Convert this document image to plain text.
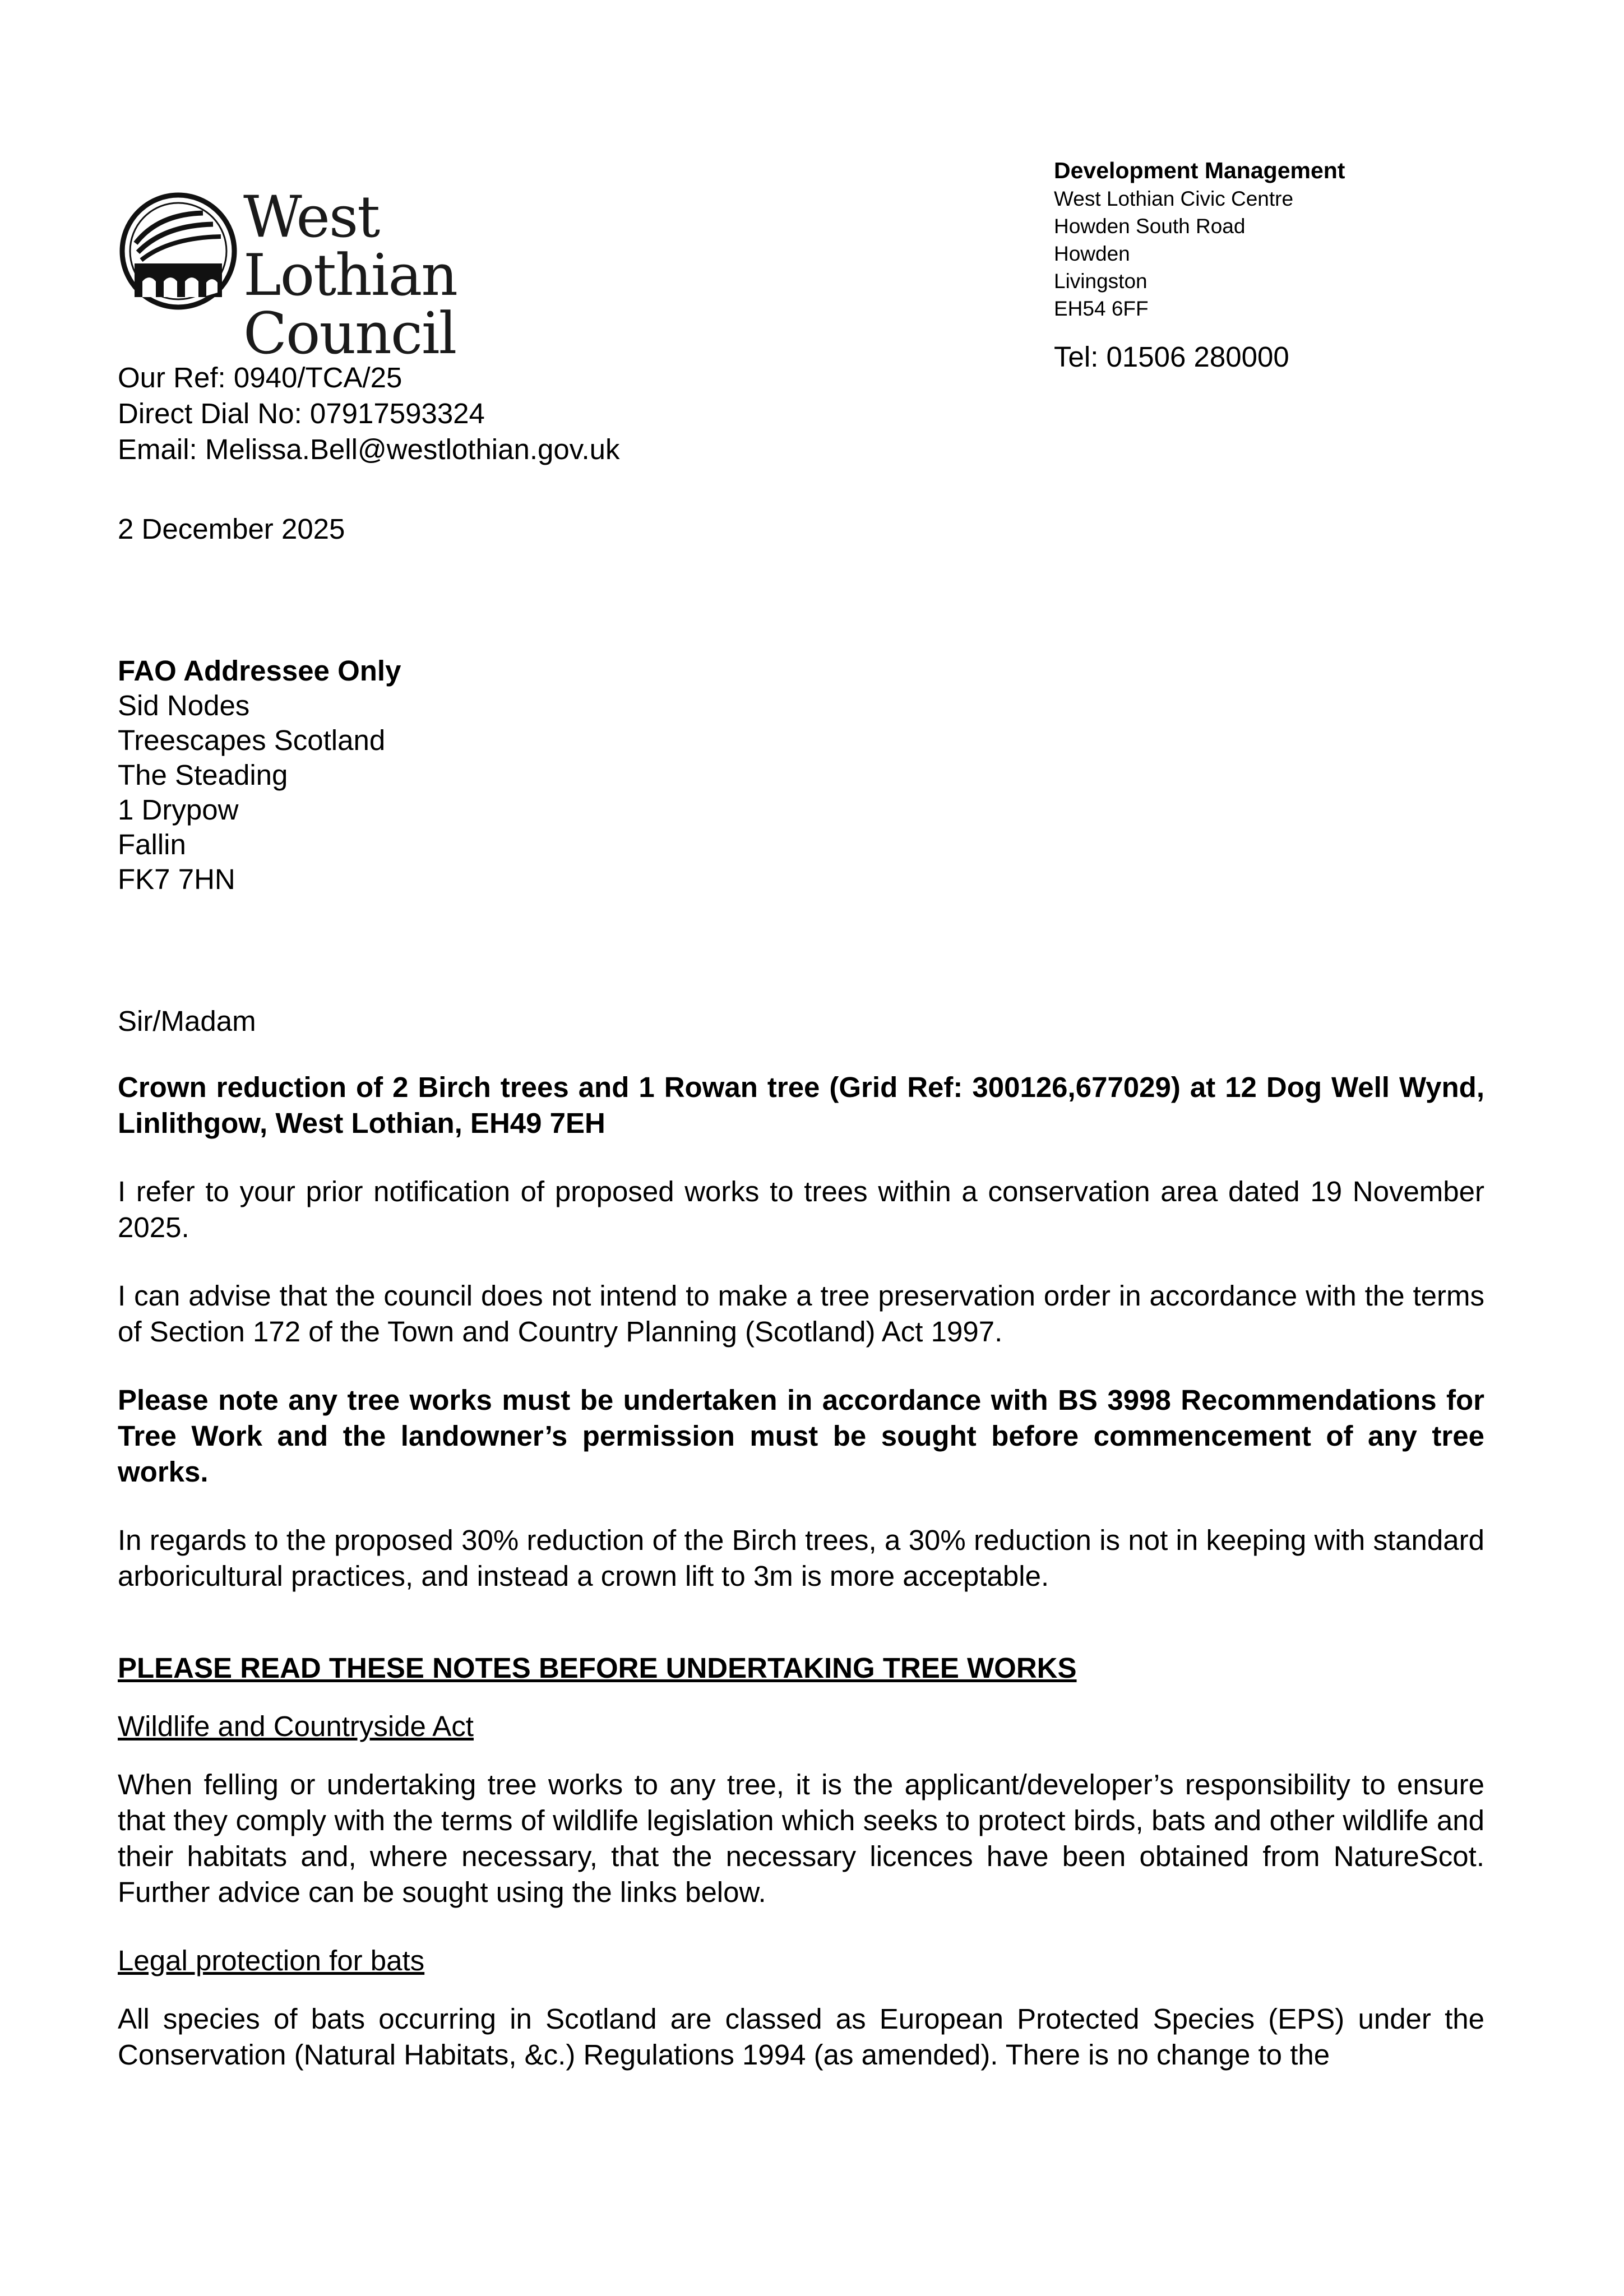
West Lothian
Council
Development Management
West Lothian Civic Centre
Howden South Road
Howden
Livingston
EH54 6FF
Tel: 01506 280000
Our Ref: 0940/TCA/25
Direct Dial No: 07917593324
Email: Melissa.Bell@westlothian.gov.uk
2 December 2025
FAO Addressee Only
Sid Nodes
Treescapes Scotland
The Steading
1 Drypow
Fallin
FK7 7HN
Sir/Madam

Crown reduction of 2 Birch trees and 1 Rowan tree (Grid Ref: 300126,677029) at 12 Dog Well Wynd, Linlithgow, West Lothian, EH49 7EH

I refer to your prior notification of proposed works to trees within a conservation area dated 19 November 2025.

I can advise that the council does not intend to make a tree preservation order in accordance with the terms of Section 172 of the Town and Country Planning (Scotland) Act 1997.

Please note any tree works must be undertaken in accordance with BS 3998 Recommendations for Tree Work and the landowner’s permission must be sought before commencement of any tree works.

In regards to the proposed 30% reduction of the Birch trees, a 30% reduction is not in keeping with standard arboricultural practices, and instead a crown lift to 3m is more acceptable.

PLEASE READ THESE NOTES BEFORE UNDERTAKING TREE WORKS

Wildlife and Countryside Act

When felling or undertaking tree works to any tree, it is the applicant/developer’s responsibility to ensure that they comply with the terms of wildlife legislation which seeks to protect birds, bats and other wildlife and their habitats and, where necessary, that the necessary licences have been obtained from NatureScot. Further advice can be sought using the links below.

Legal protection for bats

All species of bats occurring in Scotland are classed as European Protected Species (EPS) under the Conservation (Natural Habitats, &c.) Regulations 1994 (as amended). There is no change to the
